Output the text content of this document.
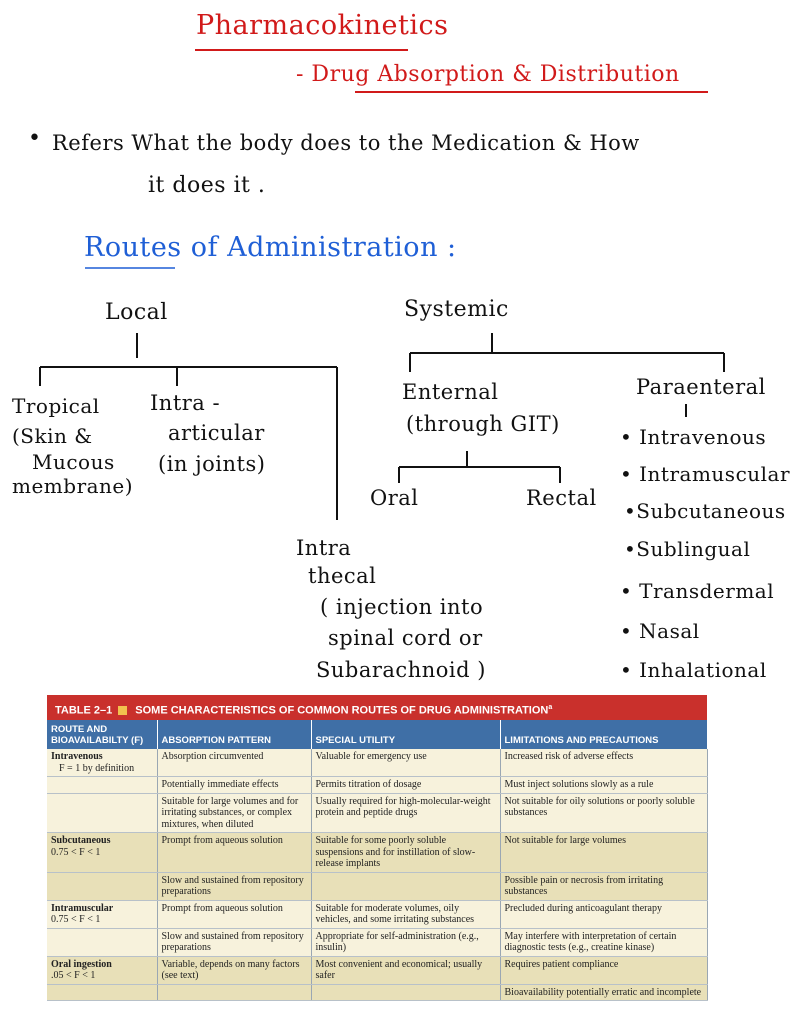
Pharmacokinetics
- Drug Absorption & Distribution
• Refers What the body does to the Medication & How
it does it .
Routes of Administration :
Local	Systemic
Tropical
(Skin &
Mucous
membrane)
Intra -
articular
(in joints)
Intra
thecal
( injection into
spinal cord or
Subarachnoid )
Enternal
(through GIT)
Oral	Rectal
Paraenteral
• Intravenous
• Intramuscular
•Subcutaneous
•Sublingual
• Transdermal
• Nasal
• Inhalational
TABLE 2–1 SOME CHARACTERISTICS OF COMMON ROUTES OF DRUG ADMINISTRATION$^a$
ROUTE AND BIOAVAILABILTY (F)	ABSORPTION PATTERN	SPECIAL UTILITY	LIMITATIONS AND PRECAUTIONS
Intravenous
F = 1 by definition	Absorption circumvented	Valuable for emergency use	Increased risk of adverse effects
	Potentially immediate effects	Permits titration of dosage	Must inject solutions slowly as a rule
	Suitable for large volumes and for irritating substances, or complex mixtures, when diluted	Usually required for high-molecular-weight protein and peptide drugs	Not suitable for oily solutions or poorly soluble substances
Subcutaneous
0.75 < F < 1	Prompt from aqueous solution	Suitable for some poorly soluble suspensions and for instillation of slow-release implants	Not suitable for large volumes
	Slow and sustained from repository preparations		Possible pain or necrosis from irritating substances
Intramuscular
0.75 < F < 1	Prompt from aqueous solution	Suitable for moderate volumes, oily vehicles, and some irritating substances	Precluded during anticoagulant therapy
	Slow and sustained from repository preparations	Appropriate for self-administration (e.g., insulin)	May interfere with interpretation of certain diagnostic tests (e.g., creatine kinase)
Oral ingestion
.05 < F < 1	Variable, depends on many factors (see text)	Most convenient and economical; usually safer	Requires patient compliance
			Bioavailability potentially erratic and incomplete
